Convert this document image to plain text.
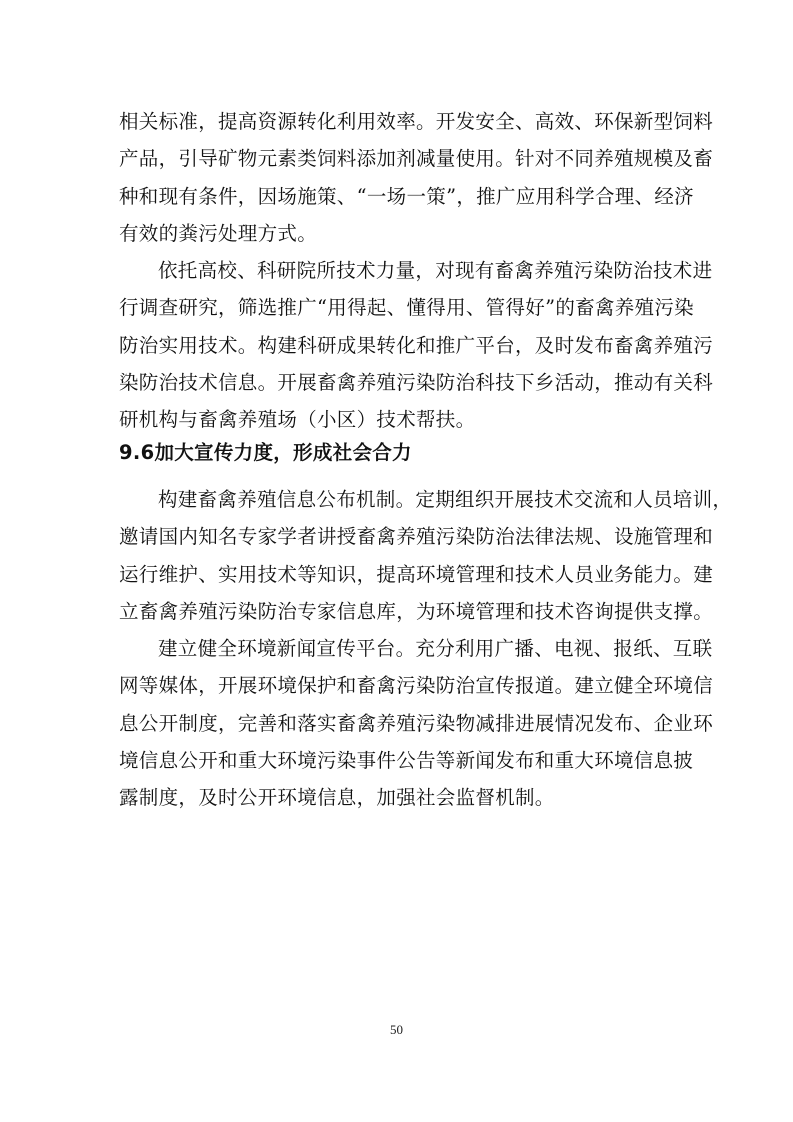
相关标准，提高资源转化利用效率。开发安全、高效、环保新型饲料
产品，引导矿物元素类饲料添加剂减量使用。针对不同养殖规模及畜
种和现有条件，因场施策、“一场一策”，推广应用科学合理、经济
有效的粪污处理方式。
依托高校、科研院所技术力量，对现有畜禽养殖污染防治技术进
行调查研究，筛选推广“用得起、懂得用、管得好”的畜禽养殖污染
防治实用技术。构建科研成果转化和推广平台，及时发布畜禽养殖污
染防治技术信息。开展畜禽养殖污染防治科技下乡活动，推动有关科
研机构与畜禽养殖场（小区）技术帮扶。
9.6加大宣传力度，形成社会合力
构建畜禽养殖信息公布机制。定期组织开展技术交流和人员培训，
邀请国内知名专家学者讲授畜禽养殖污染防治法律法规、设施管理和
运行维护、实用技术等知识，提高环境管理和技术人员业务能力。建
立畜禽养殖污染防治专家信息库，为环境管理和技术咨询提供支撑。
建立健全环境新闻宣传平台。充分利用广播、电视、报纸、互联
网等媒体，开展环境保护和畜禽污染防治宣传报道。建立健全环境信
息公开制度，完善和落实畜禽养殖污染物减排进展情况发布、企业环
境信息公开和重大环境污染事件公告等新闻发布和重大环境信息披
露制度，及时公开环境信息，加强社会监督机制。
50
